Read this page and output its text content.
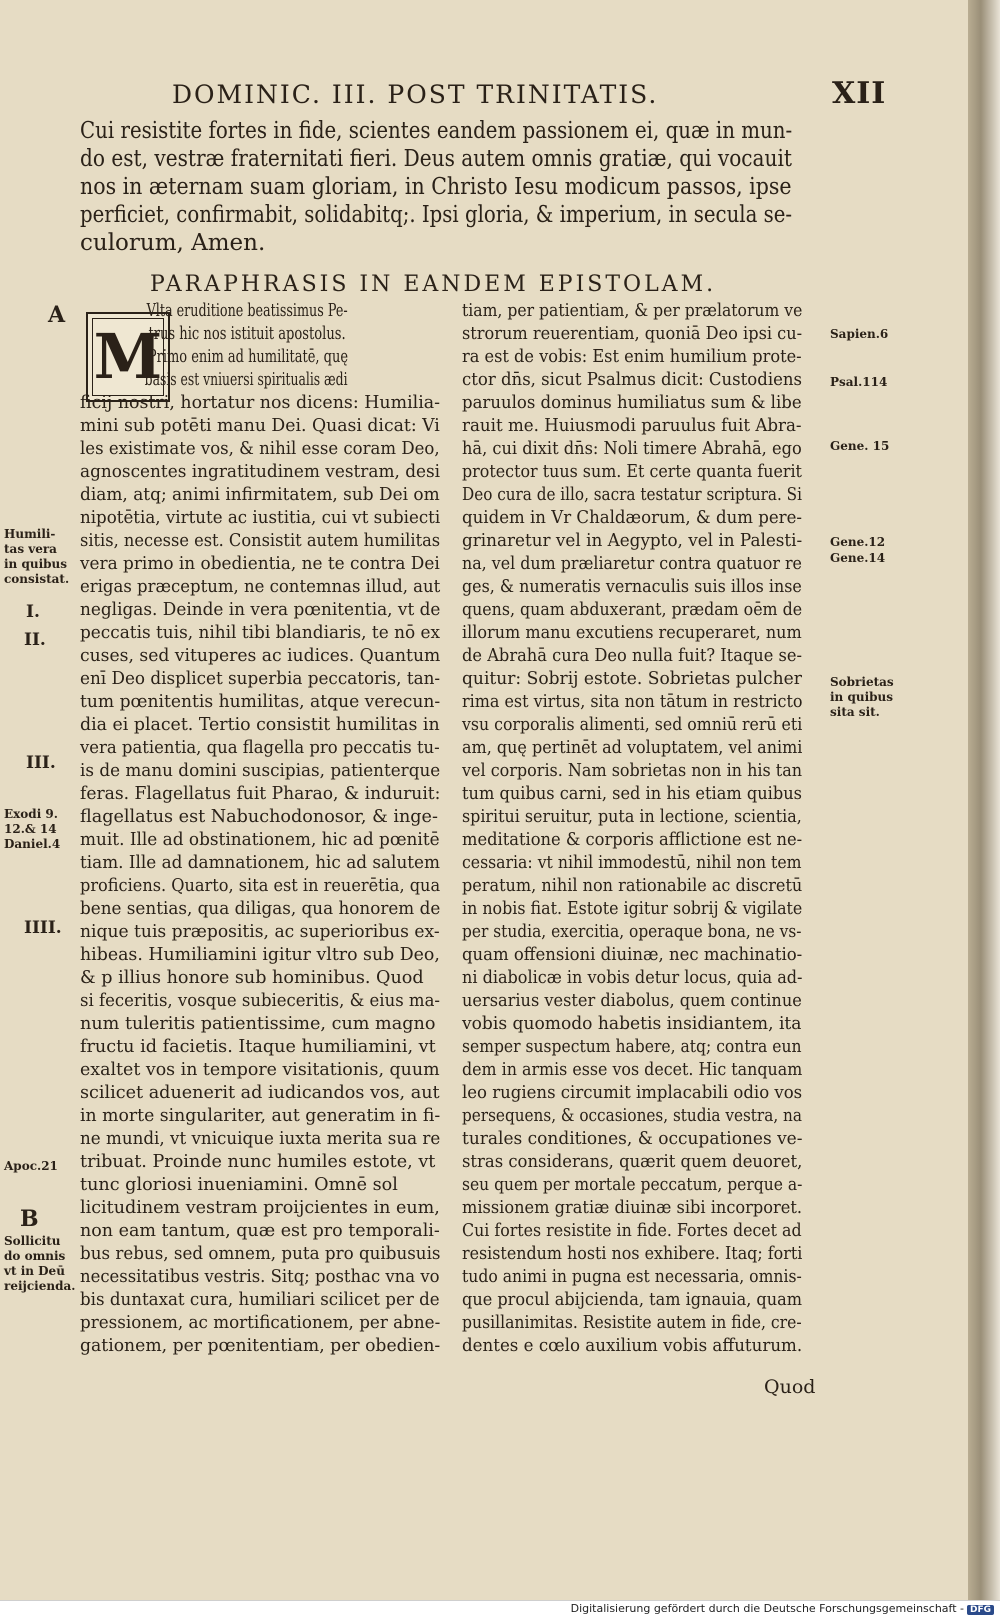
DOMINIC. III. POST TRINITATIS.	XII
Cui resistite fortes in fide, scientes eandem passionem ei, quæ in mun-
do est, vestræ fraternitati fieri. Deus autem omnis gratiæ, qui vocauit
nos in æternam suam gloriam, in Christo Iesu modicum passos, ipse
perficiet, confirmabit, solidabitq;. Ipsi gloria, & imperium, in secula se-
culorum, Amen.
PARAPHRASIS IN EANDEM EPISTOLAM.
M
Vlta eruditione beatissimus Pe-
trus hic nos istituit apostolus.
Primo enim ad humilitatē, quę
basis est vniuersi spiritualis ædi
ficij nostri, hortatur nos dicens: Humilia-
mini sub potēti manu Dei. Quasi dicat: Vi
les existimate vos, & nihil esse coram Deo,
agnoscentes ingratitudinem vestram, desi
diam, atq; animi infirmitatem, sub Dei om
nipotētia, virtute ac iustitia, cui vt subiecti
sitis, necesse est. Consistit autem humilitas
vera primo in obedientia, ne te contra Dei
erigas præceptum, ne contemnas illud, aut
negligas. Deinde in vera pœnitentia, vt de
peccatis tuis, nihil tibi blandiaris, te nō ex
cuses, sed vituperes ac iudices. Quantum
enī Deo displicet superbia peccatoris, tan-
tum pœnitentis humilitas, atque verecun-
dia ei placet. Tertio consistit humilitas in
vera patientia, qua flagella pro peccatis tu-
is de manu domini suscipias, patienterque
feras. Flagellatus fuit Pharao, & induruit:
flagellatus est Nabuchodonosor, & inge-
muit. Ille ad obstinationem, hic ad pœnitē
tiam. Ille ad damnationem, hic ad salutem
proficiens. Quarto, sita est in reuerētia, qua
bene sentias, qua diligas, qua honorem de
nique tuis præpositis, ac superioribus ex-
hibeas. Humiliamini igitur vltro sub Deo,
& p illius honore sub hominibus. Quod
si feceritis, vosque subieceritis, & eius ma-
num tuleritis patientissime, cum magno
fructu id facietis. Itaque humiliamini, vt
exaltet vos in tempore visitationis, quum
scilicet aduenerit ad iudicandos vos, aut
in morte singulariter, aut generatim in fi-
ne mundi, vt vnicuique iuxta merita sua re
tribuat. Proinde nunc humiles estote, vt
tunc gloriosi inueniamini. Omnē sol
licitudinem vestram proijcientes in eum,
non eam tantum, quæ est pro temporali-
bus rebus, sed omnem, puta pro quibusuis
necessitatibus vestris. Sitq; posthac vna vo
bis duntaxat cura, humiliari scilicet per de
pressionem, ac mortificationem, per abne-
gationem, per pœnitentiam, per obedien-
tiam, per patientiam, & per prælatorum ve
strorum reuerentiam, quoniā Deo ipsi cu-
ra est de vobis: Est enim humilium prote-
ctor dn̄s, sicut Psalmus dicit: Custodiens
paruulos dominus humiliatus sum & libe
rauit me. Huiusmodi paruulus fuit Abra-
hā, cui dixit dn̄s: Noli timere Abrahā, ego
protector tuus sum. Et certe quanta fuerit
Deo cura de illo, sacra testatur scriptura. Si
quidem in Vr Chaldæorum, & dum pere-
grinaretur vel in Aegypto, vel in Palesti-
na, vel dum præliaretur contra quatuor re
ges, & numeratis vernaculis suis illos inse
quens, quam abduxerant, prædam oēm de
illorum manu excutiens recuperaret, num
de Abrahā cura Deo nulla fuit? Itaque se-
quitur: Sobrij estote. Sobrietas pulcher
rima est virtus, sita non tātum in restricto
vsu corporalis alimenti, sed omniū rerū eti
am, quę pertinēt ad voluptatem, vel animi
vel corporis. Nam sobrietas non in his tan
tum quibus carni, sed in his etiam quibus
spiritui seruitur, puta in lectione, scientia,
meditatione & corporis afflictione est ne-
cessaria: vt nihil immodestū, nihil non tem
peratum, nihil non rationabile ac discretū
in nobis fiat. Estote igitur sobrij & vigilate
per studia, exercitia, operaque bona, ne vs-
quam offensioni diuinæ, nec machinatio-
ni diabolicæ in vobis detur locus, quia ad-
uersarius vester diabolus, quem continue
vobis quomodo habetis insidiantem, ita
semper suspectum habere, atq; contra eun
dem in armis esse vos decet. Hic tanquam
leo rugiens circumit implacabili odio vos
persequens, & occasiones, studia vestra, na
turales conditiones, & occupationes ve-
stras considerans, quærit quem deuoret,
seu quem per mortale peccatum, perque a-
missionem gratiæ diuinæ sibi incorporet.
Cui fortes resistite in fide. Fortes decet ad
resistendum hosti nos exhibere. Itaq; forti
tudo animi in pugna est necessaria, omnis-
que procul abijcienda, tam ignauia, quam
pusillanimitas. Resistite autem in fide, cre-
dentes e cœlo auxilium vobis affuturum.
A
Humili-
tas vera
in quibus
consistat.
I.
II.
III.
Exodi 9.
12.& 14
Daniel.4
IIII.
Apoc.21
B
Sollicitu
do omnis
vt in Deū
reijcienda.
Sapien.6
Psal.114
Gene. 15
Gene.12
Gene.14
Sobrietas
in quibus
sita sit.
Quod
Digitalisierung gefördert durch die Deutsche Forschungsgemeinschaft - DFG
